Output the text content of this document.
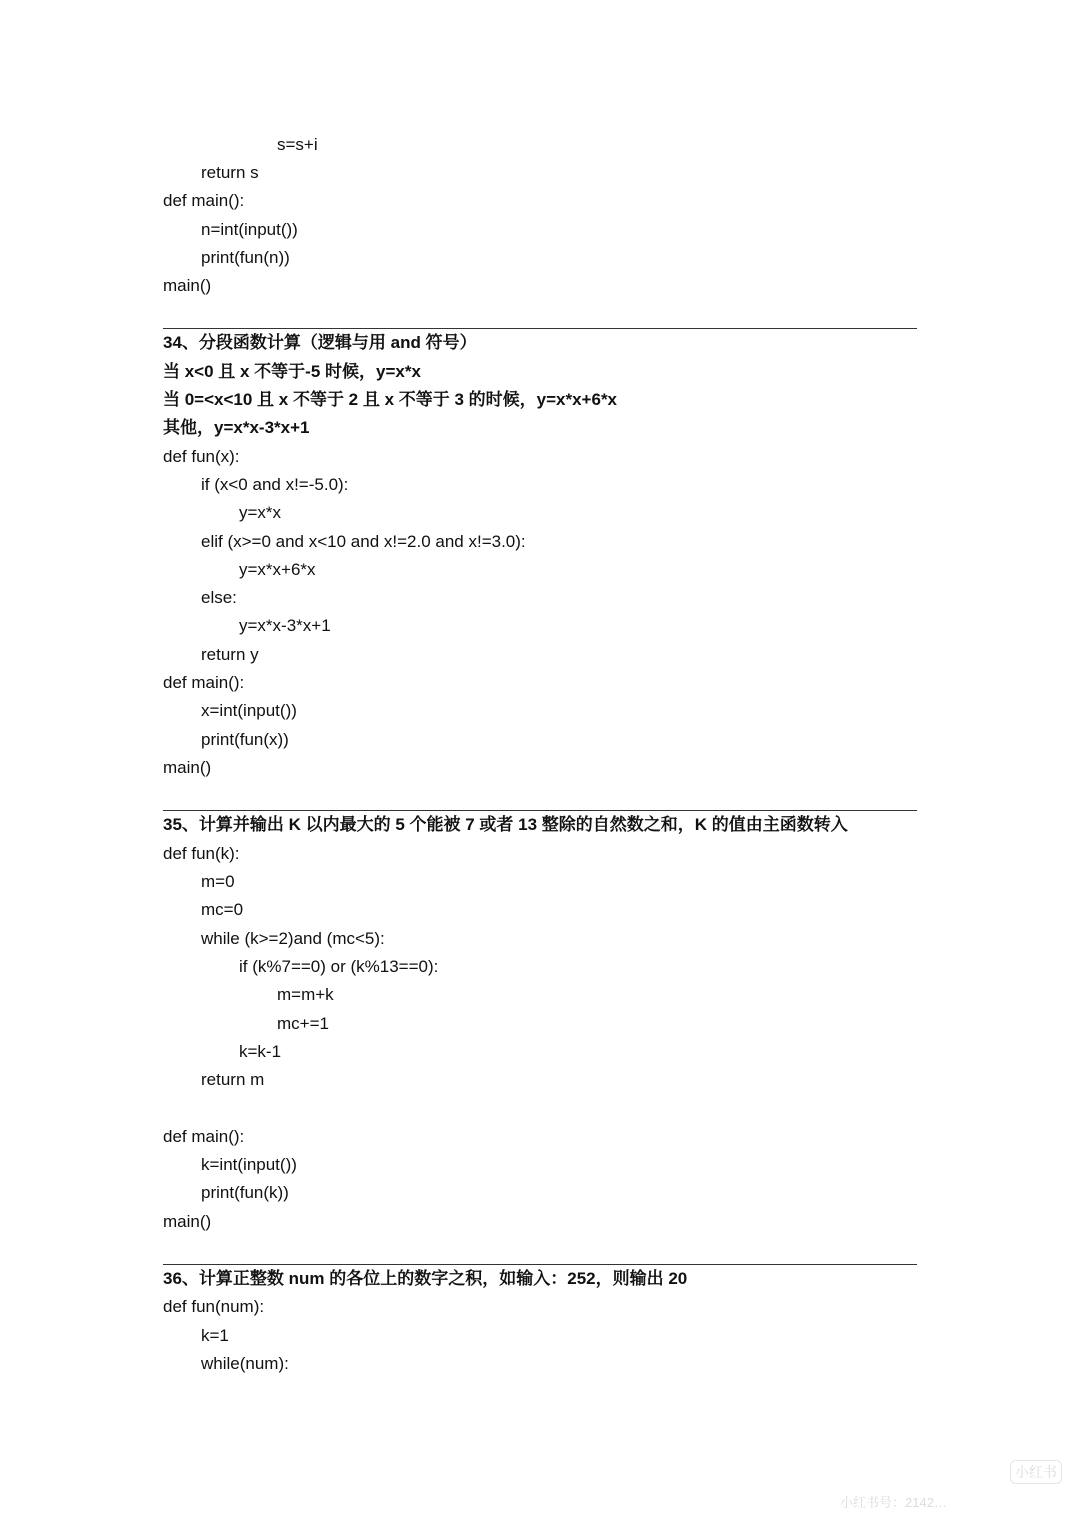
s=s+i
return s
def main():
n=int(input())
print(fun(n))
main()
34、分段函数计算（逻辑与用 and 符号）
当 x<0 且 x 不等于-5 时候，y=x*x
当 0=<x<10 且 x 不等于 2 且 x 不等于 3 的时候，y=x*x+6*x
其他，y=x*x-3*x+1
def fun(x):
if (x<0 and x!=-5.0):
y=x*x
elif (x>=0 and x<10 and x!=2.0 and x!=3.0):
y=x*x+6*x
else:
y=x*x-3*x+1
return y
def main():
x=int(input())
print(fun(x))
main()
35、计算并输出 K 以内最大的 5 个能被 7 或者 13 整除的自然数之和，K 的值由主函数转入
def fun(k):
m=0
mc=0
while (k>=2)and (mc<5):
if (k%7==0) or (k%13==0):
m=m+k
mc+=1
k=k-1
return m
def main():
k=int(input())
print(fun(k))
main()
36、计算正整数 num 的各位上的数字之积，如输入：252，则输出 20
def fun(num):
k=1
while(num):
小红书
小红书号：2142…
